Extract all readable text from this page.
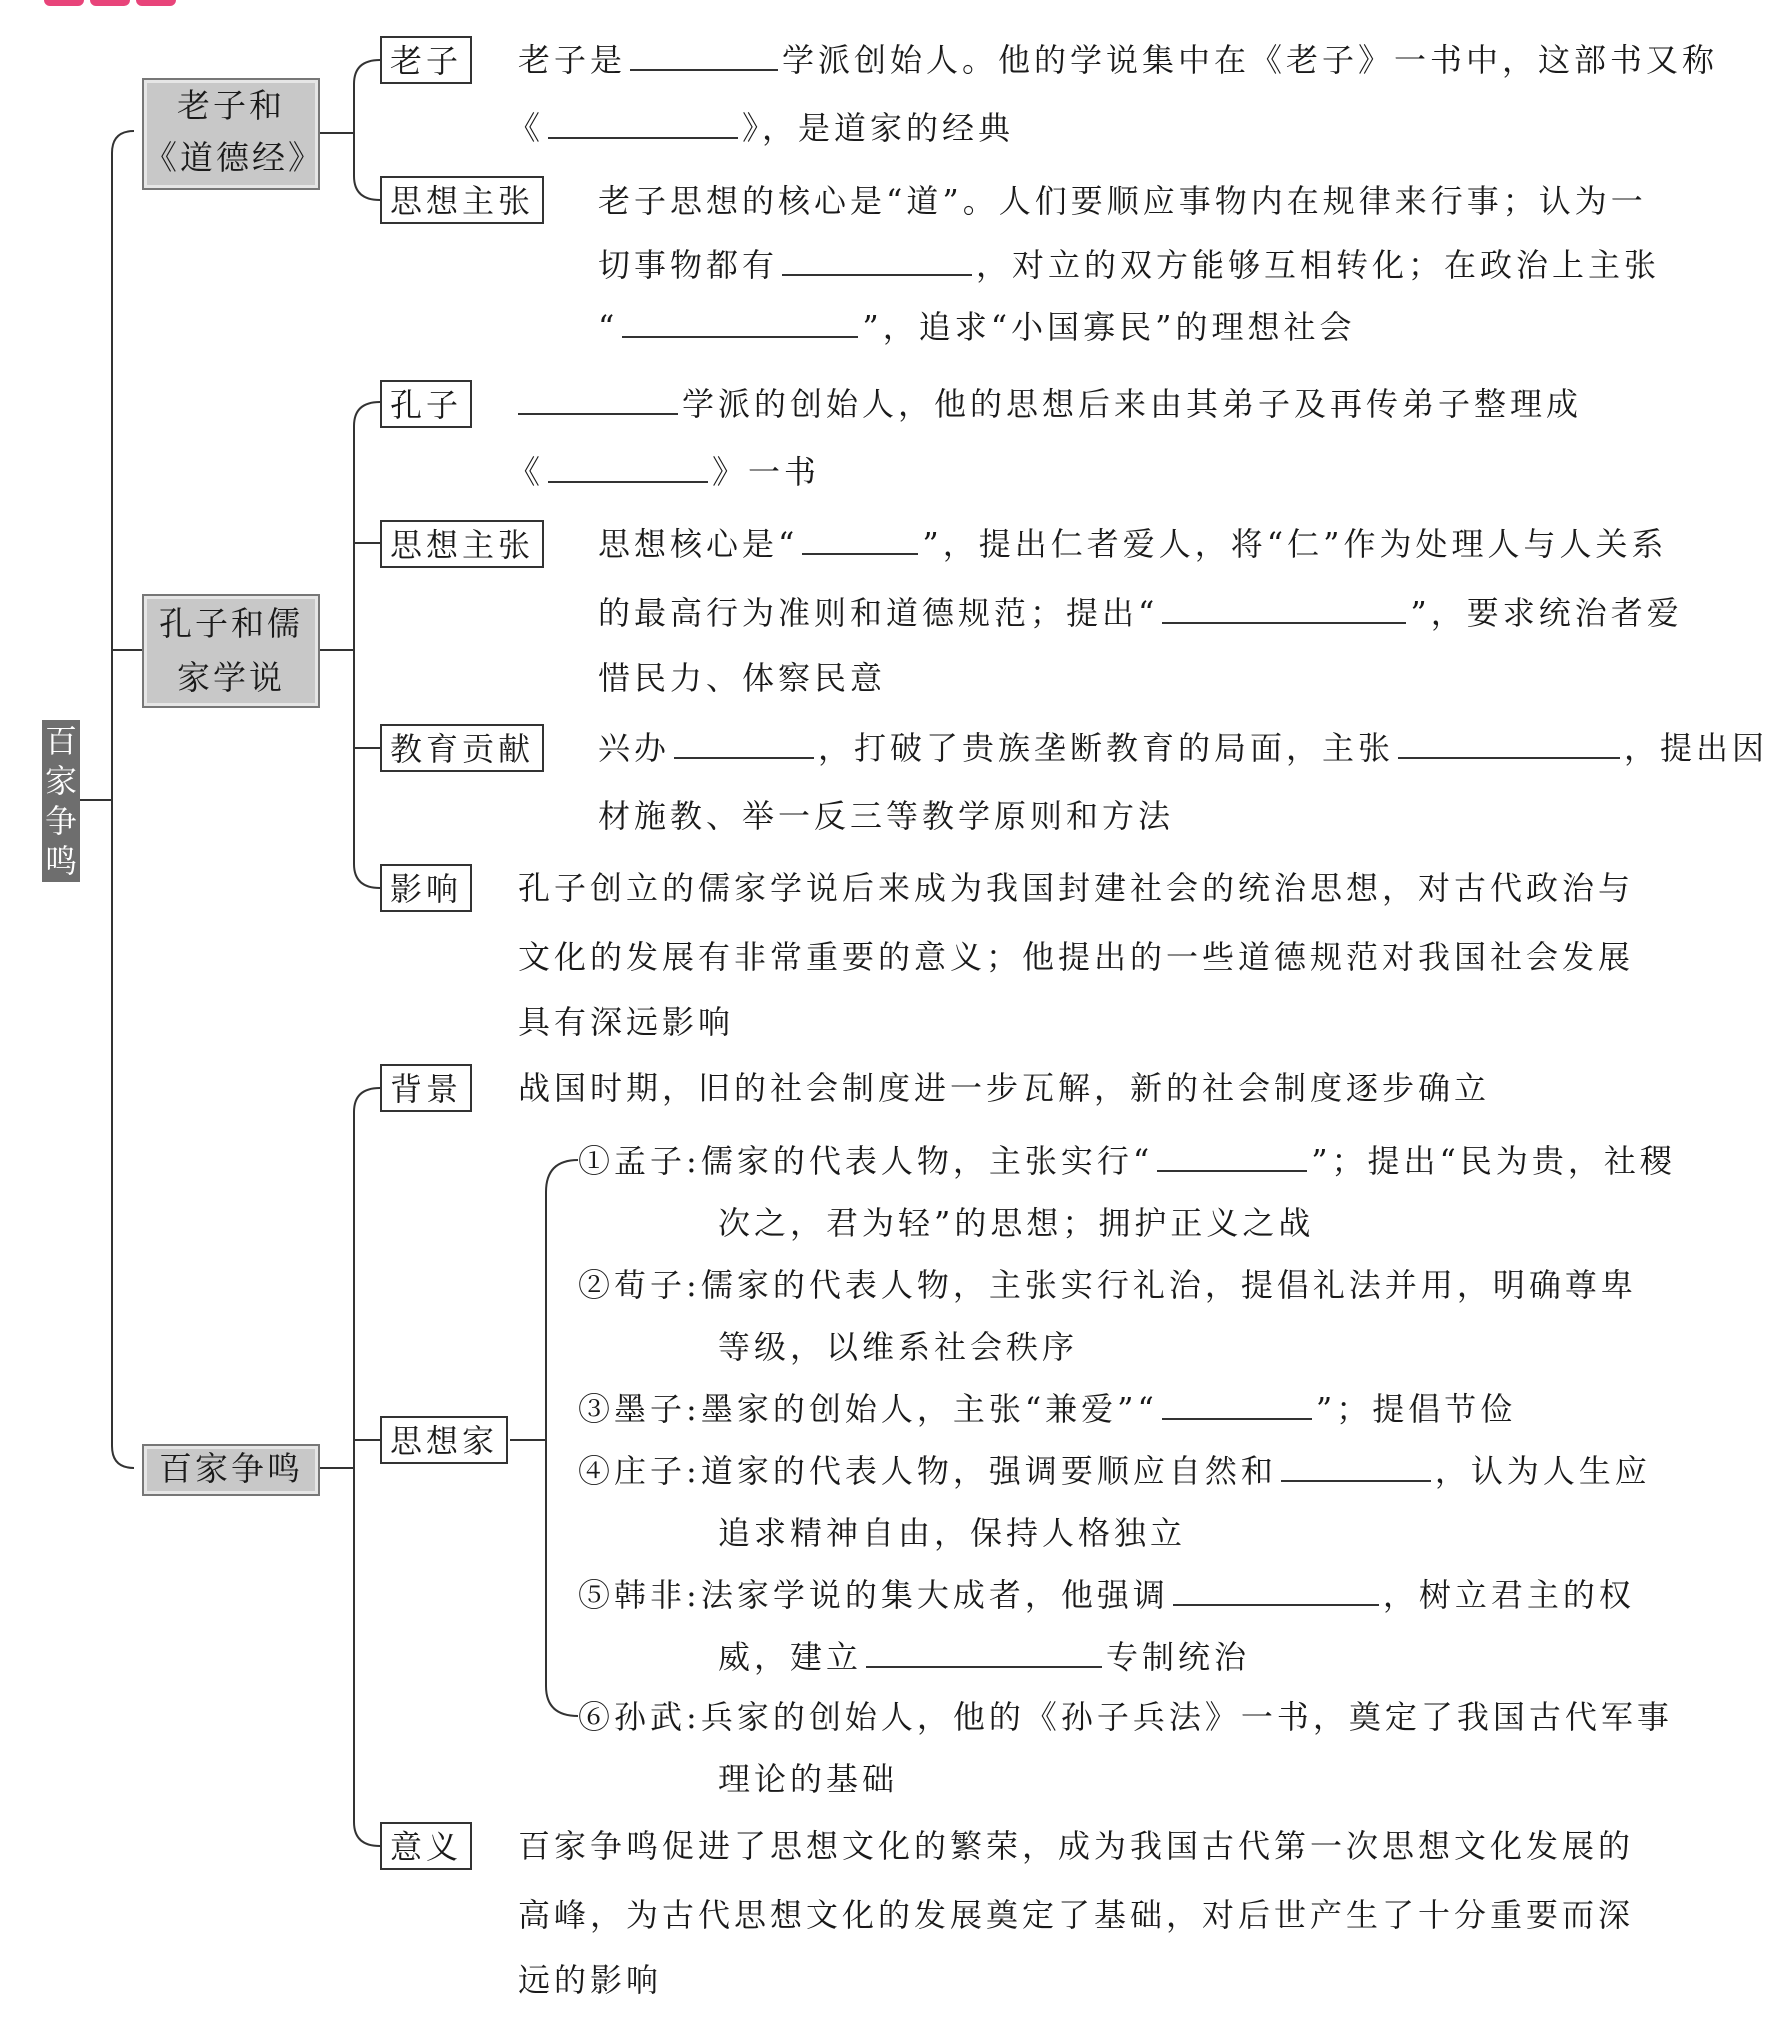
百
家
争
鸣
老子和
《道德经》
老子	老子是	学派创始人。他的学说集中在《老子》一书中，这部书又称
《	》，是道家的经典
思想主张	老子思想的核心是“道”。人们要顺应事物内在规律来行事；认为一
切事物都有	，对立的双方能够互相转化；在政治上主张
“	”，追求“小国寡民”的理想社会
孔子和儒
家学说
孔子	学派的创始人，他的思想后来由其弟子及再传弟子整理成
《	》一书
思想主张	思想核心是“	”，提出仁者爱人，将“仁”作为处理人与人关系
的最高行为准则和道德规范；提出“	”，要求统治者爱
惜民力、体察民意
教育贡献	兴办	，打破了贵族垄断教育的局面，主张	，提出因
材施教、举一反三等教学原则和方法
影响	孔子创立的儒家学说后来成为我国封建社会的统治思想，对古代政治与
文化的发展有非常重要的意义；他提出的一些道德规范对我国社会发展
具有深远影响
百家争鸣
背景	战国时期，旧的社会制度进一步瓦解，新的社会制度逐步确立
思想家
①孟子:儒家的代表人物，主张实行“	”；提出“民为贵，社稷
次之，君为轻”的思想；拥护正义之战
②荀子:儒家的代表人物，主张实行礼治，提倡礼法并用，明确尊卑
等级，以维系社会秩序
③墨子:墨家的创始人，主张“兼爱”“	”；提倡节俭
④庄子:道家的代表人物，强调要顺应自然和	，认为人生应
追求精神自由，保持人格独立
⑤韩非:法家学说的集大成者，他强调	，树立君主的权
威，建立	专制统治
⑥孙武:兵家的创始人，他的《孙子兵法》一书，奠定了我国古代军事
理论的基础
意义	百家争鸣促进了思想文化的繁荣，成为我国古代第一次思想文化发展的
高峰，为古代思想文化的发展奠定了基础，对后世产生了十分重要而深
远的影响
